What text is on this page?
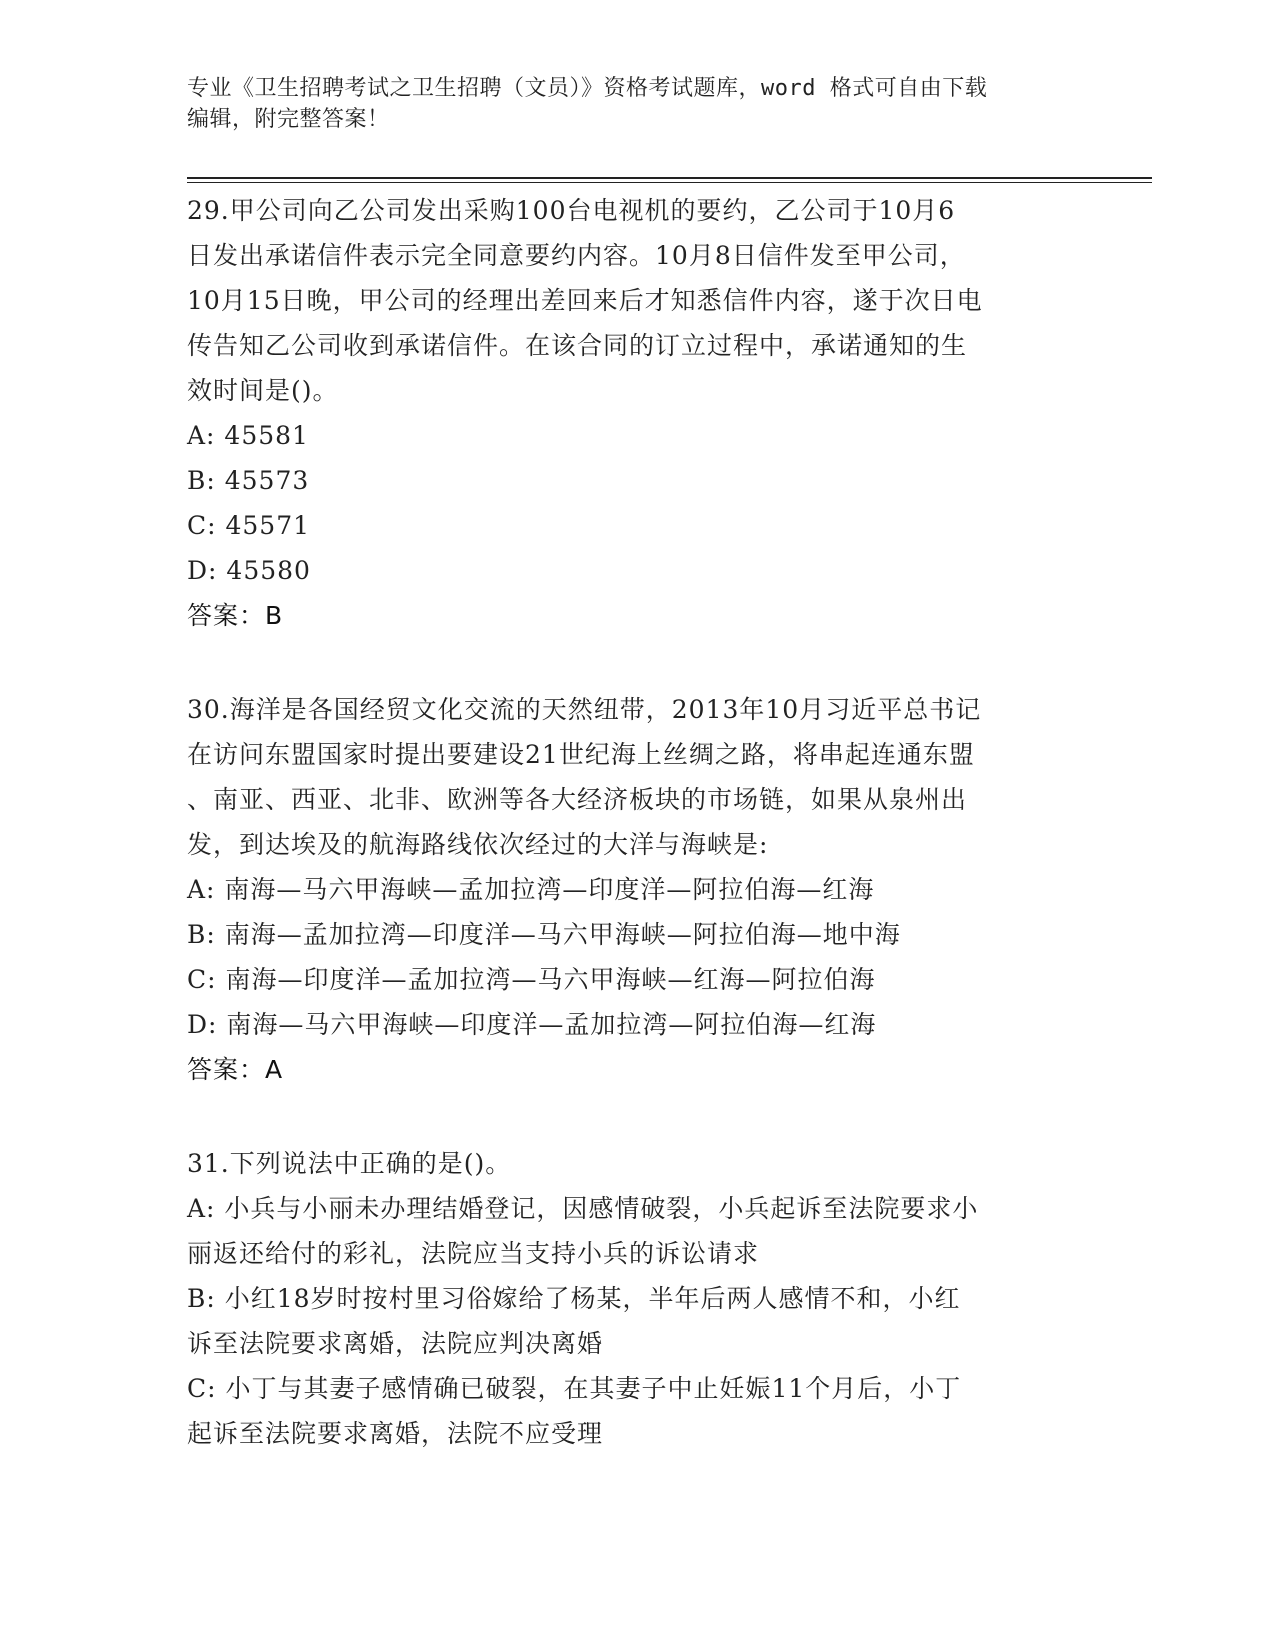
专业《卫生招聘考试之卫生招聘（文员）》资格考试题库，word 格式可自由下载
编辑，附完整答案！
29.甲公司向乙公司发出采购100台电视机的要约，乙公司于10月6
日发出承诺信件表示完全同意要约内容。10月8日信件发至甲公司，
10月15日晚，甲公司的经理出差回来后才知悉信件内容，遂于次日电
传告知乙公司收到承诺信件。在该合同的订立过程中，承诺通知的生
效时间是()。
A: 45581
B: 45573
C: 45571
D: 45580
答案：B
30.海洋是各国经贸文化交流的天然纽带，2013年10月习近平总书记
在访问东盟国家时提出要建设21世纪海上丝绸之路，将串起连通东盟
、南亚、西亚、北非、欧洲等各大经济板块的市场链，如果从泉州出
发，到达埃及的航海路线依次经过的大洋与海峡是:
A: 南海—马六甲海峡—孟加拉湾—印度洋—阿拉伯海—红海
B: 南海—孟加拉湾—印度洋—马六甲海峡—阿拉伯海—地中海
C: 南海—印度洋—孟加拉湾—马六甲海峡—红海—阿拉伯海
D: 南海—马六甲海峡—印度洋—孟加拉湾—阿拉伯海—红海
答案：A
31.下列说法中正确的是()。
A: 小兵与小丽未办理结婚登记，因感情破裂，小兵起诉至法院要求小
丽返还给付的彩礼，法院应当支持小兵的诉讼请求
B: 小红18岁时按村里习俗嫁给了杨某，半年后两人感情不和，小红
诉至法院要求离婚，法院应判决离婚
C: 小丁与其妻子感情确已破裂，在其妻子中止妊娠11个月后，小丁
起诉至法院要求离婚，法院不应受理
